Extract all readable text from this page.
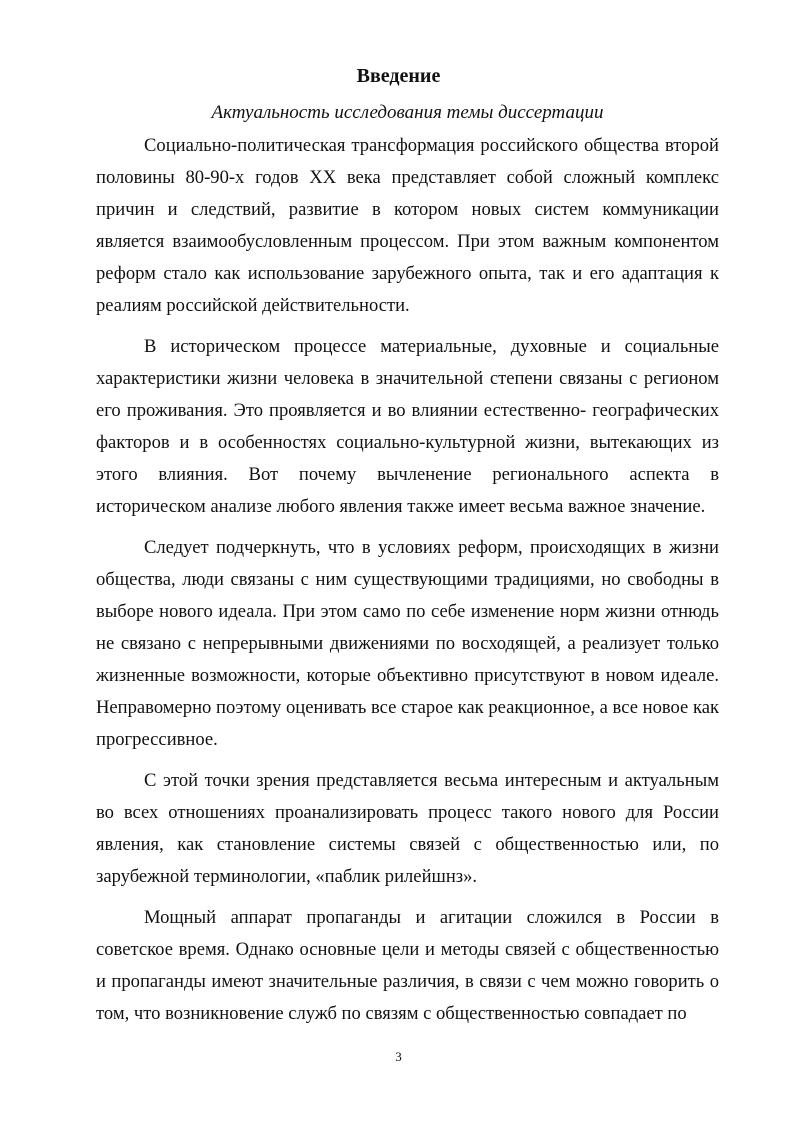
Введение
Актуальность исследования темы диссертации

Социально-политическая трансформация российского общества второй половины 80-90-х годов XX века представляет собой сложный комплекс причин и следствий, развитие в котором новых систем коммуникации является взаимообусловленным процессом. При этом важным компонентом реформ стало как использование зарубежного опыта, так и его адаптация к реалиям российской действительности.

В историческом процессе материальные, духовные и социальные характеристики жизни человека в значительной степени связаны с регионом его проживания. Это проявляется и во влиянии естественно- географических факторов и в особенностях социально-культурной жизни, вытекающих из этого влияния. Вот почему вычленение регионального аспекта в историческом анализе любого явления также имеет весьма важное значение.

Следует подчеркнуть, что в условиях реформ, происходящих в жизни общества, люди связаны с ним существующими традициями, но свободны в выборе нового идеала. При этом само по себе изменение норм жизни отнюдь не связано с непрерывными движениями по восходящей, а реализует только жизненные возможности, которые объективно присутствуют в новом идеале. Неправомерно поэтому оценивать все старое как реакционное, а все новое как прогрессивное.

С этой точки зрения представляется весьма интересным и актуальным во всех отношениях проанализировать процесс такого нового для России явления, как становление системы связей с общественностью или, по зарубежной терминологии, «паблик рилейшнз».

Мощный аппарат пропаганды и агитации сложился в России в советское время. Однако основные цели и методы связей с общественностью и пропаганды имеют значительные различия, в связи с чем можно говорить о том, что возникновение служб по связям с общественностью совпадает по

3
